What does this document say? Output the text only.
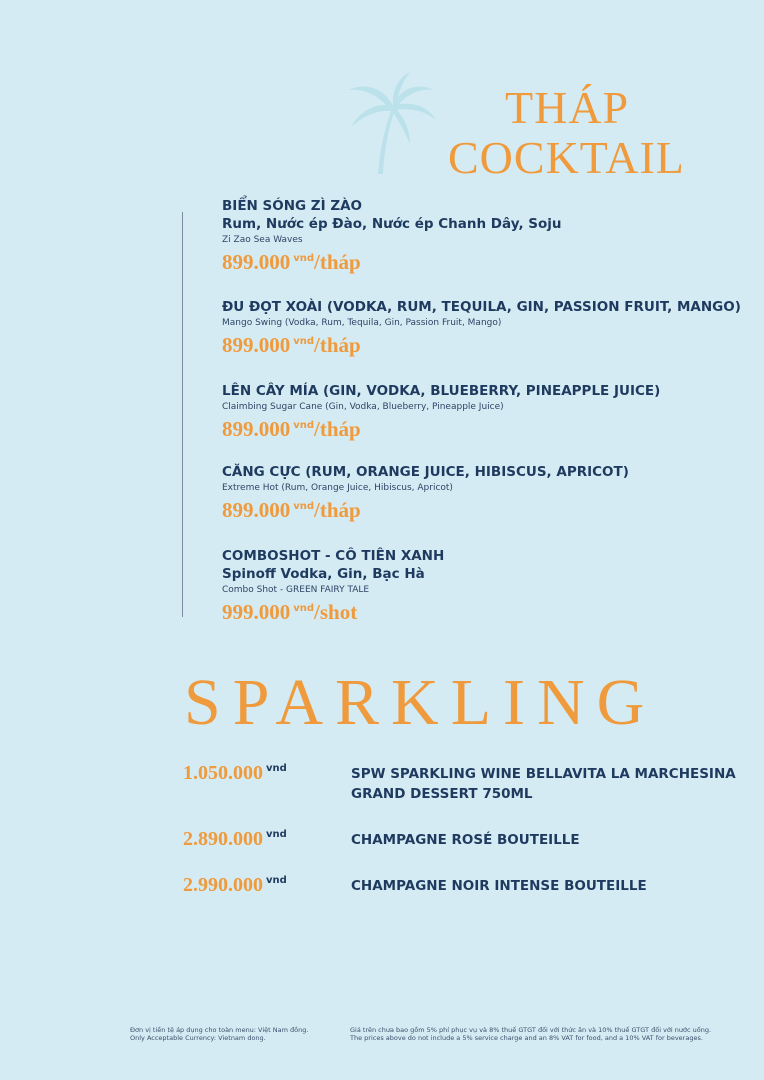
THÁP
COCKTAIL
BIỂN SÓNG ZÌ ZÀO
Rum, Nước ép Đào, Nước ép Chanh Dây, Soju
Zi Zao Sea Waves
899.000 $^{vnd}$/tháp
ĐU ĐỌT XOÀI (VODKA, RUM, TEQUILA, GIN, PASSION FRUIT, MANGO)
Mango Swing (Vodka, Rum, Tequila, Gin, Passion Fruit, Mango)
899.000 $^{vnd}$/tháp
LÊN CÂY MÍA (GIN, VODKA, BLUEBERRY, PINEAPPLE JUICE)
Claimbing Sugar Cane (Gin, Vodka, Blueberry, Pineapple Juice)
899.000 $^{vnd}$/tháp
CĂNG CỰC (RUM, ORANGE JUICE, HIBISCUS, APRICOT)
Extreme Hot (Rum, Orange Juice, Hibiscus, Apricot)
899.000 $^{vnd}$/tháp
COMBOSHOT - CÔ TIÊN XANH
Spinoff Vodka, Gin, Bạc Hà
Combo Shot - GREEN FAIRY TALE
999.000 $^{vnd}$/shot
SPARKLING
1.050.000 $^{vnd}$	SPW SPARKLING WINE BELLAVITA LA MARCHESINA GRAND DESSERT 750ML
2.890.000 $^{vnd}$	CHAMPAGNE ROSÉ BOUTEILLE
2.990.000 $^{vnd}$	CHAMPAGNE NOIR INTENSE BOUTEILLE
Đơn vị tiền tệ áp dụng cho toàn menu: Việt Nam đồng.
Only Acceptable Currency: Vietnam dong.
Giá trên chưa bao gồm 5% phí phục vụ và 8% thuế GTGT đối với thức ăn và 10% thuế GTGT đối với nước uống.
The prices above do not include a 5% service charge and an 8% VAT for food, and a 10% VAT for beverages.
